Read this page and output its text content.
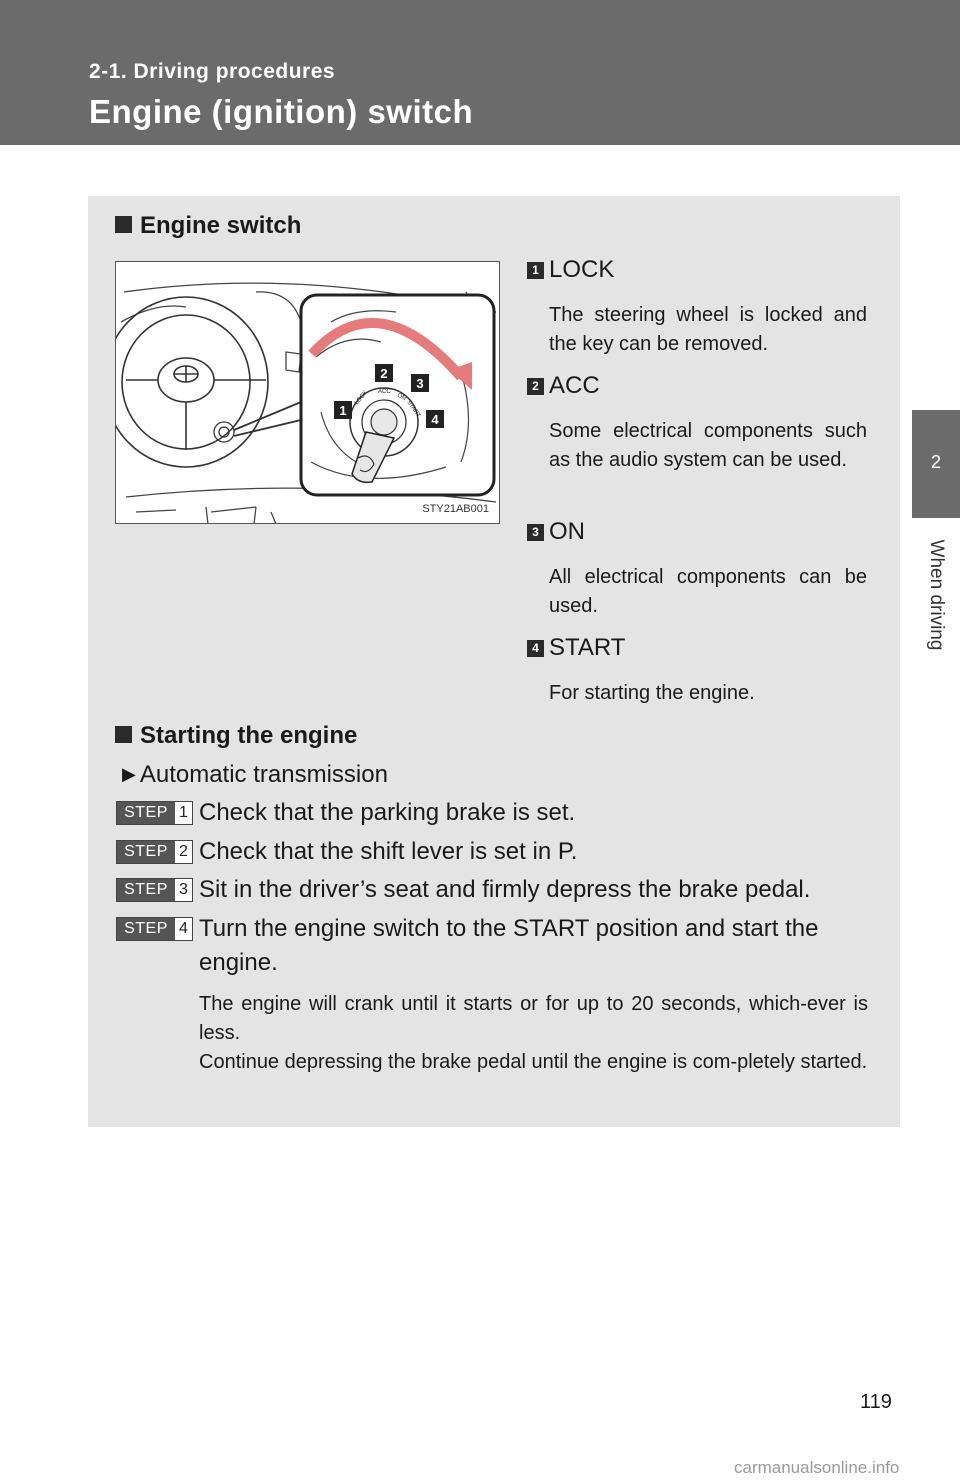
2-1. Driving procedures
Engine (ignition) switch
2
When driving
Engine switch
LOCK ACC
ON
START
1
2
3
4
STY21AB001
1 LOCK
The steering wheel is locked and the key can be removed.
2 ACC
Some electrical components such as the audio system can be used.
3 ON
All electrical components can be used.
4 START
For starting the engine.
Starting the engine
▶ Automatic transmission
STEP 1 Check that the parking brake is set.
STEP 2 Check that the shift lever is set in P.
STEP 3 Sit in the driver’s seat and firmly depress the brake pedal.
STEP 4 Turn the engine switch to the START position and start the engine.
The engine will crank until it starts or for up to 20 seconds, which-ever is less.
Continue depressing the brake pedal until the engine is com-pletely started.
119
carmanualsonline.info
